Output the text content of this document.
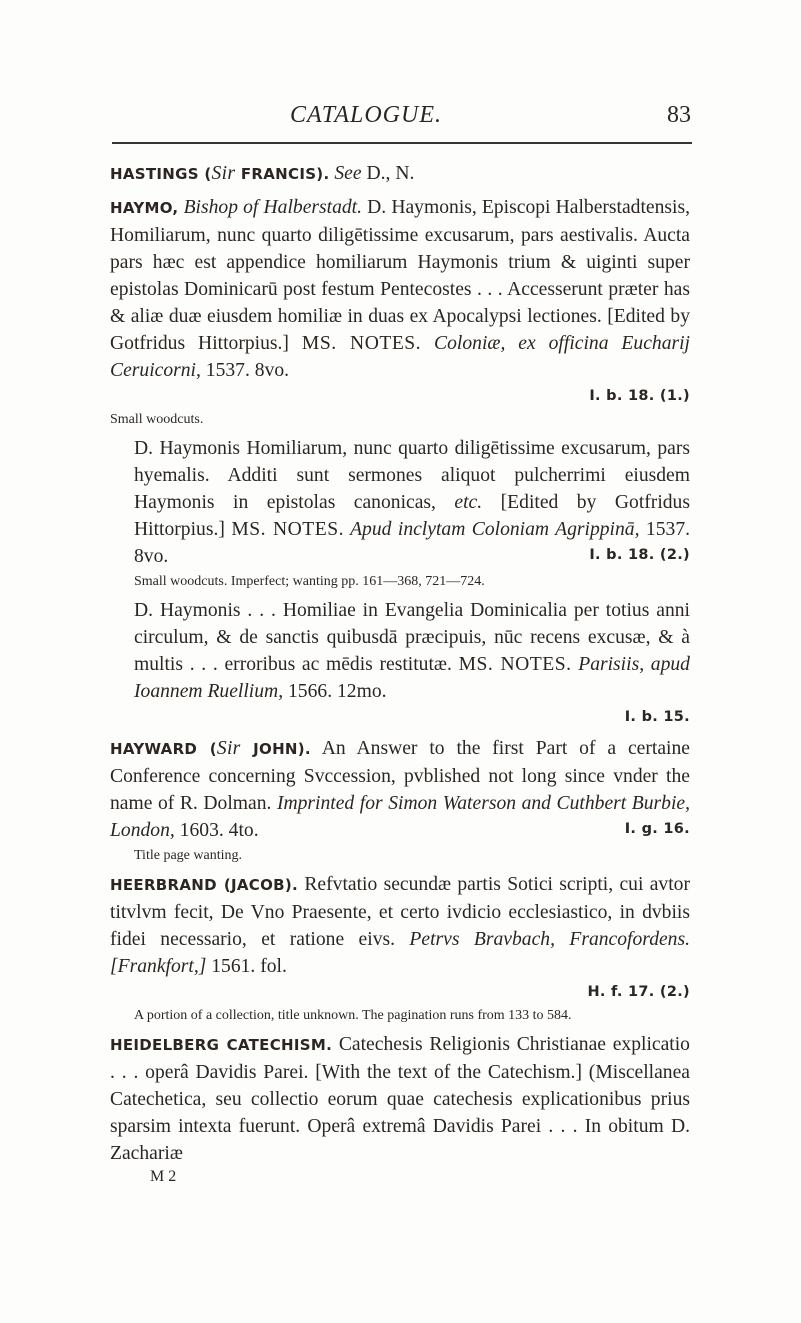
CATALOGUE.	83

HASTINGS (Sir FRANCIS). See D., N.

HAYMO, Bishop of Halberstadt. D. Haymonis, Episcopi Halberstadtensis, Homiliarum, nunc quarto diligētissime excusarum, pars aestivalis. Aucta pars hæc est appendice homiliarum Haymonis trium & uiginti super epistolas Dominicarū post festum Pentecostes . . . Accesserunt præter has & aliæ duæ eiusdem homiliæ in duas ex Apocalypsi lectiones. [Edited by Gotfridus Hittorpius.] MS. NOTES. Coloniæ, ex officina Eucharij Ceruicorni, 1537. 8vo.
I. b. 18. (1.)

Small woodcuts.

D. Haymonis Homiliarum, nunc quarto diligētissime excusarum, pars hyemalis. Additi sunt sermones aliquot pulcherrimi eiusdem Haymonis in epistolas canonicas, etc. [Edited by Gotfridus Hittorpius.] MS. NOTES. Apud inclytam Coloniam Agrippinā, 1537. 8vo.	I. b. 18. (2.)

Small woodcuts. Imperfect; wanting pp. 161—368, 721—724.

D. Haymonis . . . Homiliae in Evangelia Dominicalia per totius anni circulum, & de sanctis quibusdā præcipuis, nūc recens excusæ, & à multis . . . erroribus ac mēdis restitutæ. MS. NOTES. Parisiis, apud Ioannem Ruellium, 1566. 12mo.
I. b. 15.

HAYWARD (Sir JOHN). An Answer to the first Part of a certaine Conference concerning Svccession, pvblished not long since vnder the name of R. Dolman. Imprinted for Simon Waterson and Cuthbert Burbie, London, 1603. 4to.	I. g. 16.

Title page wanting.

HEERBRAND (JACOB). Refvtatio secundæ partis Sotici scripti, cui avtor titvlvm fecit, De Vno Praesente, et certo ivdicio ecclesiastico, in dvbiis fidei necessario, et ratione eivs. Petrvs Bravbach, Francofordens. [Frankfort,] 1561. fol.
H. f. 17. (2.)

A portion of a collection, title unknown. The pagination runs from 133 to 584.

HEIDELBERG CATECHISM. Catechesis Religionis Christianae explicatio . . . operâ Davidis Parei. [With the text of the Catechism.] (Miscellanea Catechetica, seu collectio eorum quae catechesis explicationibus prius sparsim intexta fuerunt. Operâ extremâ Davidis Parei . . . In obitum D. Zachariæ

M 2
